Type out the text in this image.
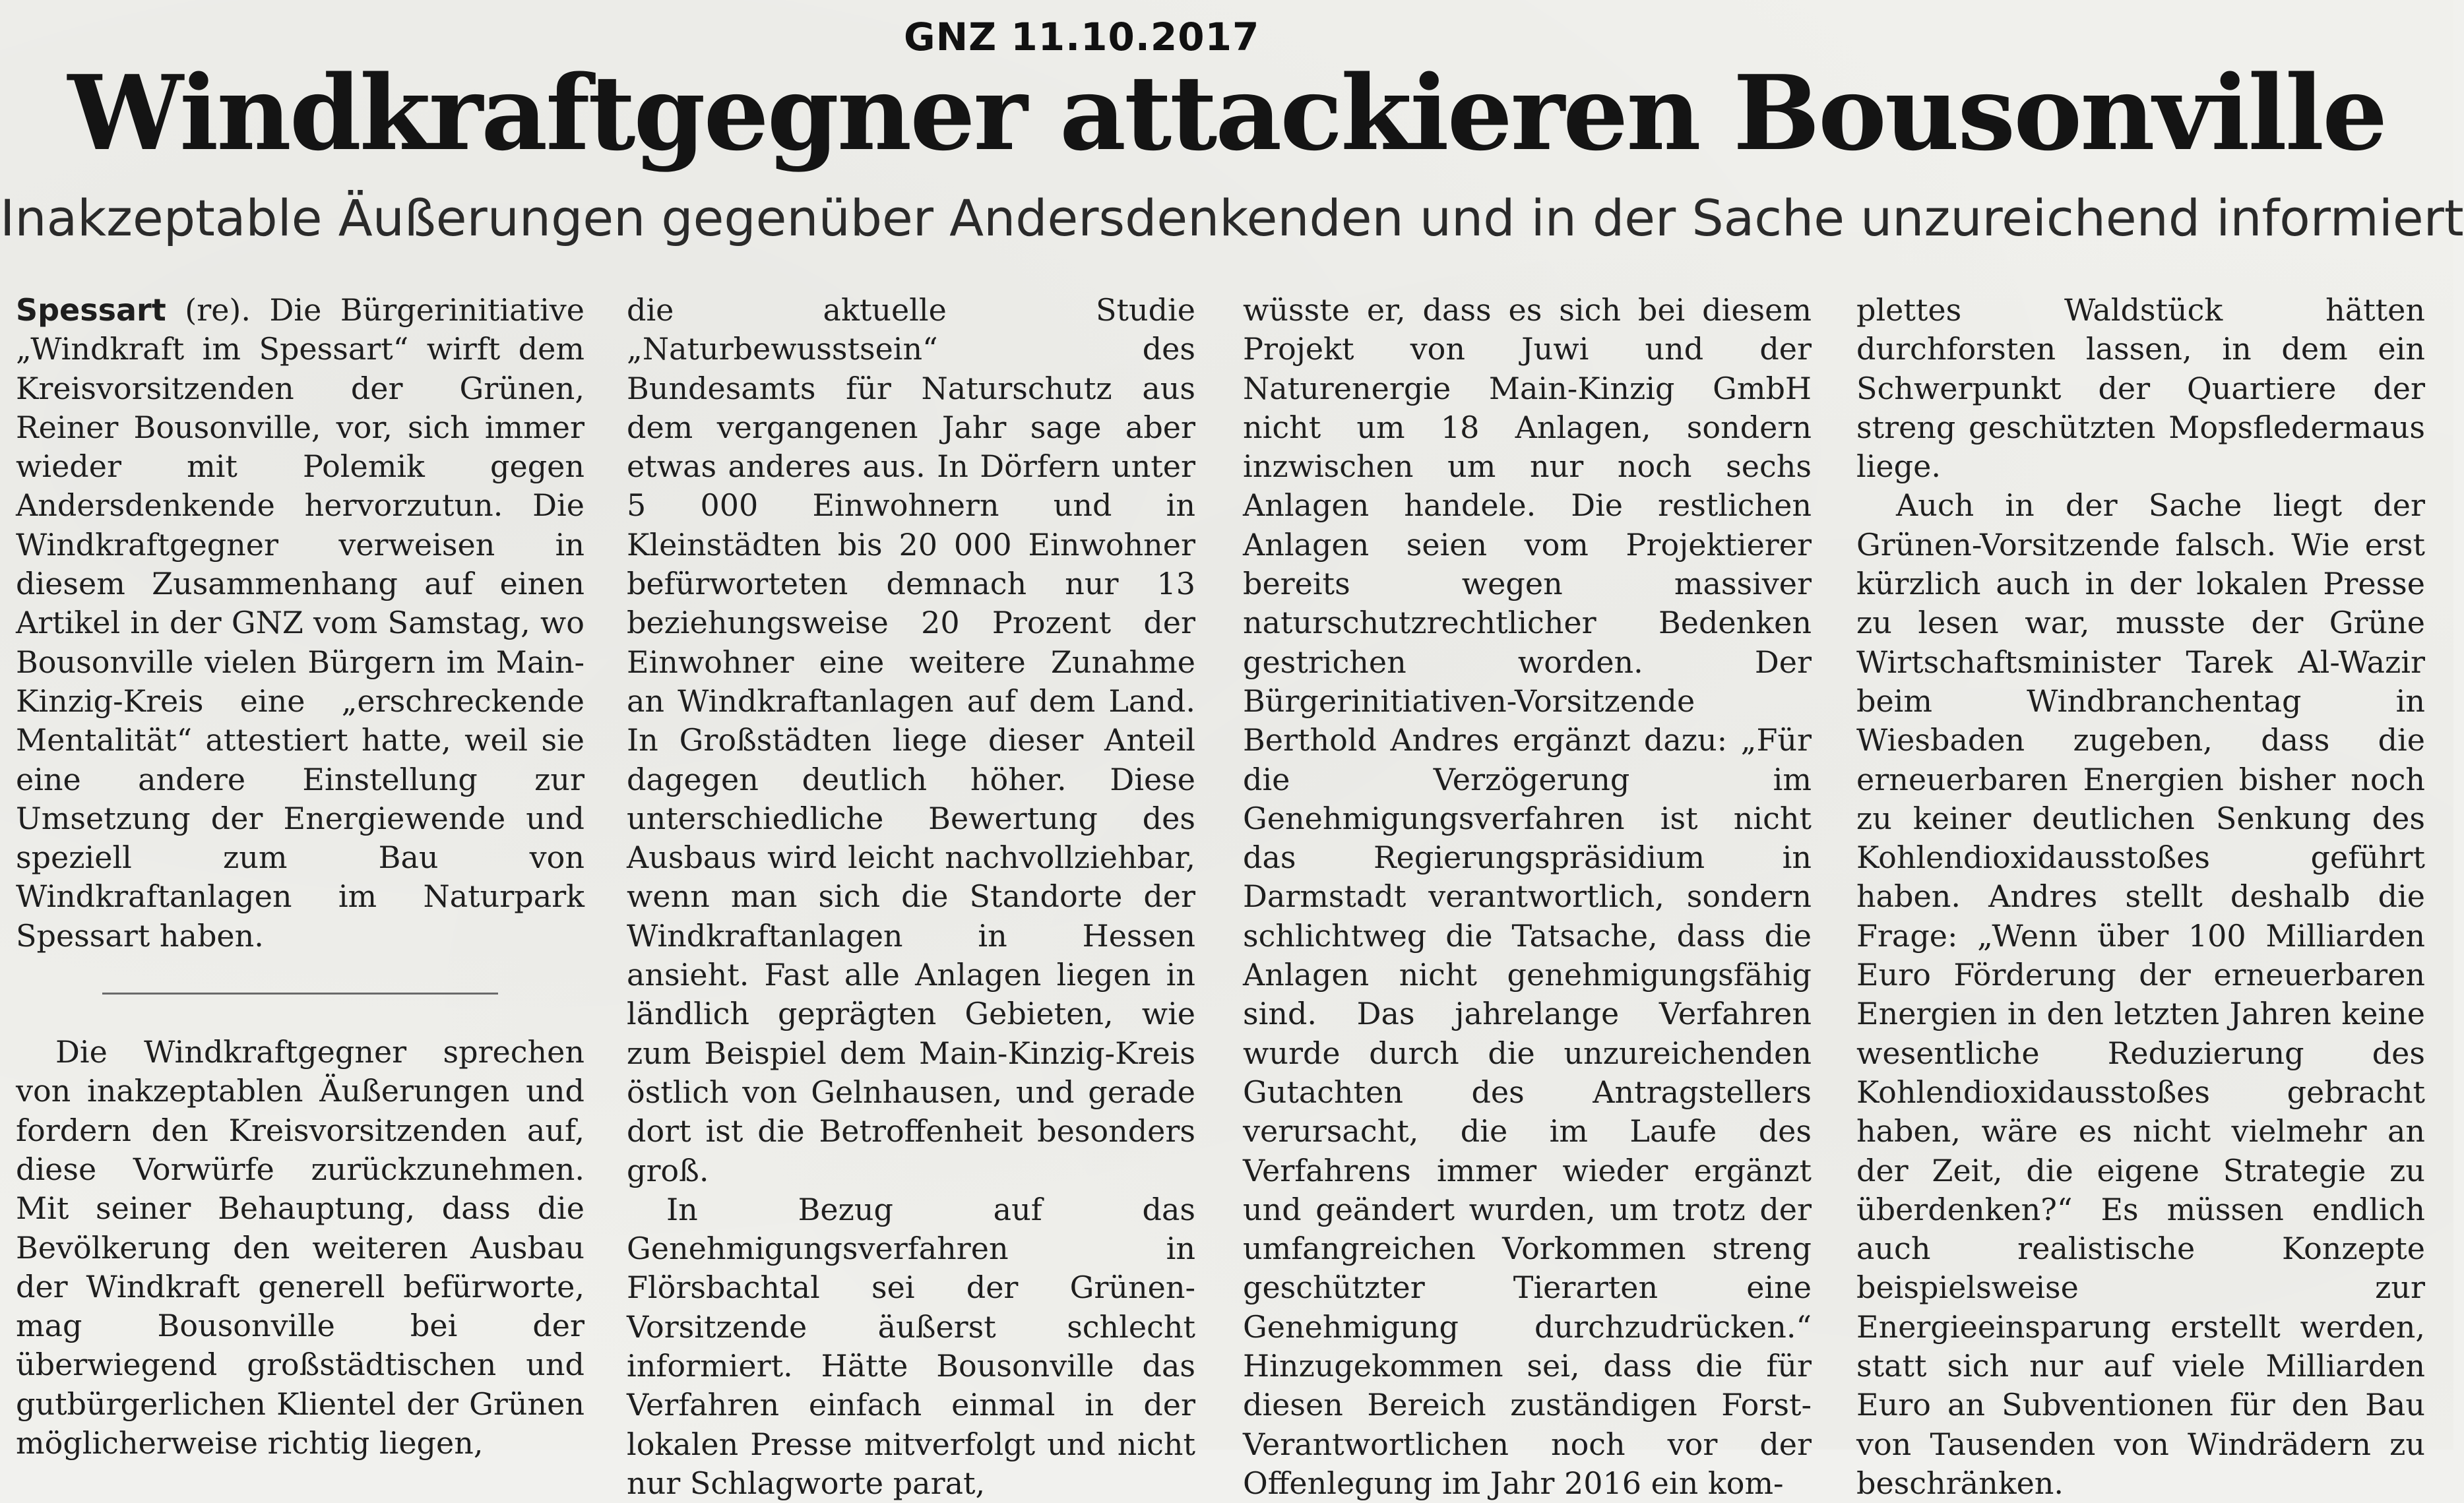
GNZ 11.10.2017
Windkraftgegner attackieren Bousonville
Inakzeptable Äußerungen gegenüber Andersdenkenden und in der Sache unzureichend informiert

Spessart (re). Die Bürgerinitiative „Windkraft im Spessart“ wirft dem Kreisvorsitzenden der Grünen, Reiner Bousonville, vor, sich immer wieder mit Polemik gegen Andersdenkende hervorzutun. Die Windkraftgegner verweisen in diesem Zusammenhang auf einen Artikel in der GNZ vom Samstag, wo Bousonville vielen Bürgern im Main-Kinzig-Kreis eine „erschreckende Mentalität“ attestiert hatte, weil sie eine andere Einstellung zur Umsetzung der Energiewende und speziell zum Bau von Windkraftanlagen im Naturpark Spessart haben.

Die Windkraftgegner sprechen von inakzeptablen Äußerungen und fordern den Kreisvorsitzenden auf, diese Vorwürfe zurückzunehmen. Mit seiner Behauptung, dass die Bevölkerung den weiteren Ausbau der Windkraft generell befürworte, mag Bousonville bei der überwiegend großstädtischen und gutbürgerlichen Klientel der Grünen möglicherweise richtig liegen,

die aktuelle Studie „Naturbewusstsein“ des Bundesamts für Naturschutz aus dem vergangenen Jahr sage aber etwas anderes aus. In Dörfern unter 5 000 Einwohnern und in Kleinstädten bis 20 000 Einwohner befürworteten demnach nur 13 beziehungsweise 20 Prozent der Einwohner eine weitere Zunahme an Windkraftanlagen auf dem Land. In Großstädten liege dieser Anteil dagegen deutlich höher. Diese unterschiedliche Bewertung des Ausbaus wird leicht nachvollziehbar, wenn man sich die Standorte der Windkraftanlagen in Hessen ansieht. Fast alle Anlagen liegen in ländlich geprägten Gebieten, wie zum Beispiel dem Main-Kinzig-Kreis östlich von Gelnhausen, und gerade dort ist die Betroffenheit besonders groß.

In Bezug auf das Genehmigungsverfahren in Flörsbachtal sei der Grünen-Vorsitzende äußerst schlecht informiert. Hätte Bousonville das Verfahren einfach einmal in der lokalen Presse mitverfolgt und nicht nur Schlagworte parat,

wüsste er, dass es sich bei diesem Projekt von Juwi und der Naturenergie Main-Kinzig GmbH nicht um 18 Anlagen, sondern inzwischen um nur noch sechs Anlagen handele. Die restlichen Anlagen seien vom Projektierer bereits wegen massiver naturschutzrechtlicher Bedenken gestrichen worden. Der Bürgerinitiativen-Vorsitzende Berthold Andres ergänzt dazu: „Für die Verzögerung im Genehmigungsverfahren ist nicht das Regierungspräsidium in Darmstadt verantwortlich, sondern schlichtweg die Tatsache, dass die Anlagen nicht genehmigungsfähig sind. Das jahrelange Verfahren wurde durch die unzureichenden Gutachten des Antragstellers verursacht, die im Laufe des Verfahrens immer wieder ergänzt und geändert wurden, um trotz der umfangreichen Vorkommen streng geschützter Tierarten eine Genehmigung durchzudrücken.“ Hinzugekommen sei, dass die für diesen Bereich zuständigen Forst-Verantwortlichen noch vor der Offenlegung im Jahr 2016 ein kom-

plettes Waldstück hätten durchforsten lassen, in dem ein Schwerpunkt der Quartiere der streng geschützten Mopsfledermaus liege.

Auch in der Sache liegt der Grünen-Vorsitzende falsch. Wie erst kürzlich auch in der lokalen Presse zu lesen war, musste der Grüne Wirtschaftsminister Tarek Al-Wazir beim Windbranchentag in Wiesbaden zugeben, dass die erneuerbaren Energien bisher noch zu keiner deutlichen Senkung des Kohlendioxidausstoßes geführt haben. Andres stellt deshalb die Frage: „Wenn über 100 Milliarden Euro Förderung der erneuerbaren Energien in den letzten Jahren keine wesentliche Reduzierung des Kohlendioxidausstoßes gebracht haben, wäre es nicht vielmehr an der Zeit, die eigene Strategie zu überdenken?“ Es müssen endlich auch realistische Konzepte beispielsweise zur Energieeinsparung erstellt werden, statt sich nur auf viele Milliarden Euro an Subventionen für den Bau von Tausenden von Windrädern zu beschränken.
